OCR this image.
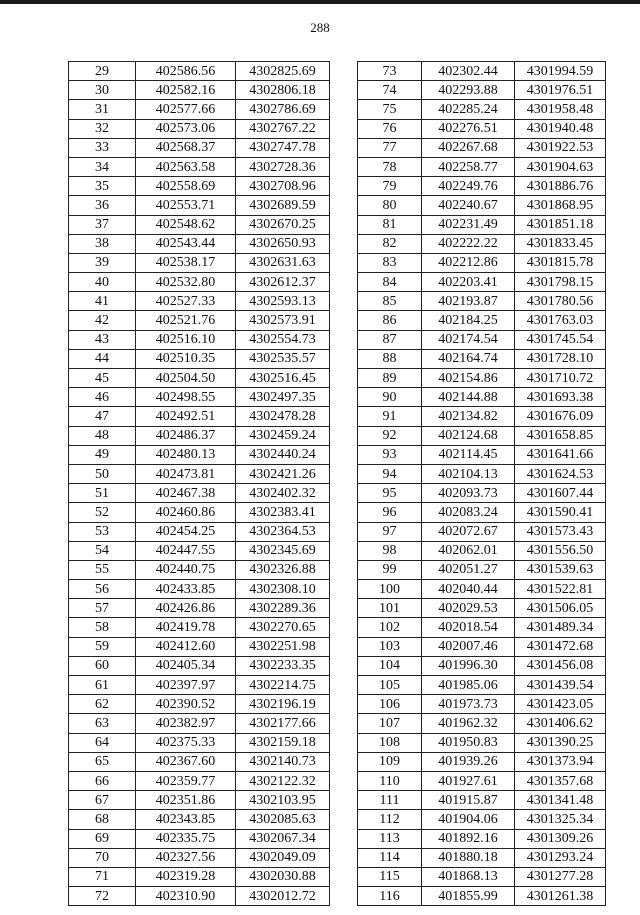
288
29	402586.56	4302825.69
30	402582.16	4302806.18
31	402577.66	4302786.69
32	402573.06	4302767.22
33	402568.37	4302747.78
34	402563.58	4302728.36
35	402558.69	4302708.96
36	402553.71	4302689.59
37	402548.62	4302670.25
38	402543.44	4302650.93
39	402538.17	4302631.63
40	402532.80	4302612.37
41	402527.33	4302593.13
42	402521.76	4302573.91
43	402516.10	4302554.73
44	402510.35	4302535.57
45	402504.50	4302516.45
46	402498.55	4302497.35
47	402492.51	4302478.28
48	402486.37	4302459.24
49	402480.13	4302440.24
50	402473.81	4302421.26
51	402467.38	4302402.32
52	402460.86	4302383.41
53	402454.25	4302364.53
54	402447.55	4302345.69
55	402440.75	4302326.88
56	402433.85	4302308.10
57	402426.86	4302289.36
58	402419.78	4302270.65
59	402412.60	4302251.98
60	402405.34	4302233.35
61	402397.97	4302214.75
62	402390.52	4302196.19
63	402382.97	4302177.66
64	402375.33	4302159.18
65	402367.60	4302140.73
66	402359.77	4302122.32
67	402351.86	4302103.95
68	402343.85	4302085.63
69	402335.75	4302067.34
70	402327.56	4302049.09
71	402319.28	4302030.88
72	402310.90	4302012.72
73	402302.44	4301994.59
74	402293.88	4301976.51
75	402285.24	4301958.48
76	402276.51	4301940.48
77	402267.68	4301922.53
78	402258.77	4301904.63
79	402249.76	4301886.76
80	402240.67	4301868.95
81	402231.49	4301851.18
82	402222.22	4301833.45
83	402212.86	4301815.78
84	402203.41	4301798.15
85	402193.87	4301780.56
86	402184.25	4301763.03
87	402174.54	4301745.54
88	402164.74	4301728.10
89	402154.86	4301710.72
90	402144.88	4301693.38
91	402134.82	4301676.09
92	402124.68	4301658.85
93	402114.45	4301641.66
94	402104.13	4301624.53
95	402093.73	4301607.44
96	402083.24	4301590.41
97	402072.67	4301573.43
98	402062.01	4301556.50
99	402051.27	4301539.63
100	402040.44	4301522.81
101	402029.53	4301506.05
102	402018.54	4301489.34
103	402007.46	4301472.68
104	401996.30	4301456.08
105	401985.06	4301439.54
106	401973.73	4301423.05
107	401962.32	4301406.62
108	401950.83	4301390.25
109	401939.26	4301373.94
110	401927.61	4301357.68
111	401915.87	4301341.48
112	401904.06	4301325.34
113	401892.16	4301309.26
114	401880.18	4301293.24
115	401868.13	4301277.28
116	401855.99	4301261.38
